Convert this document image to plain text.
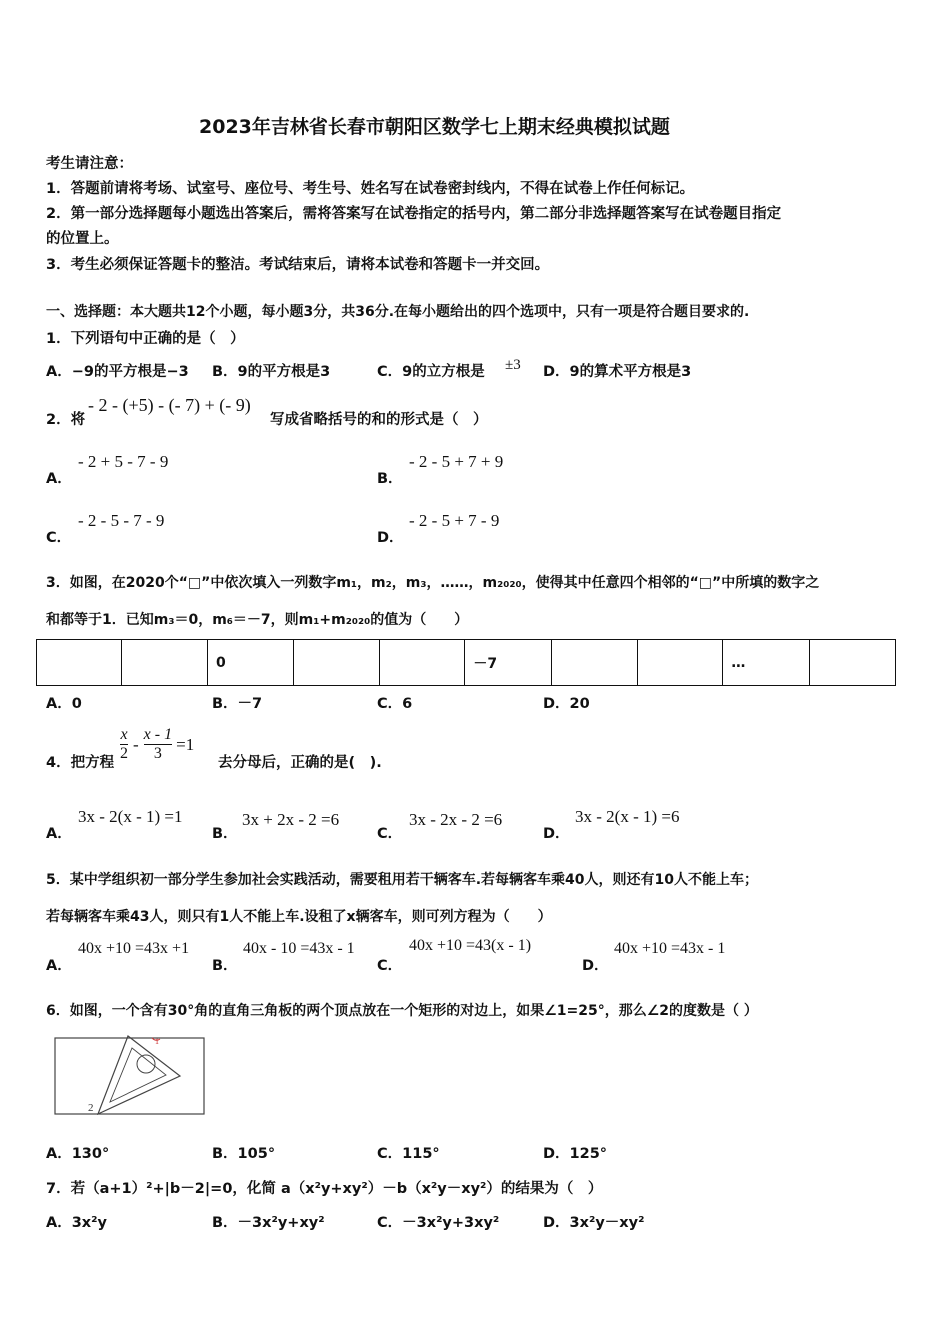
2023年吉林省长春市朝阳区数学七上期末经典模拟试题
考生请注意：
1．答题前请将考场、试室号、座位号、考生号、姓名写在试卷密封线内，不得在试卷上作任何标记。
2．第一部分选择题每小题选出答案后，需将答案写在试卷指定的括号内，第二部分非选择题答案写在试卷题目指定
的位置上。
3．考生必须保证答题卡的整洁。考试结束后，请将本试卷和答题卡一并交回。
一、选择题：本大题共12个小题，每小题3分，共36分.在每小题给出的四个选项中，只有一项是符合题目要求的.
1．下列语句中正确的是（　）
A．−9的平方根是−3 B．9的平方根是3	C．9的立方根是 ±3 D．9的算术平方根是3
2．将
- 2 - (+5) - (- 7) + (- 9)
写成省略括号的和的形式是（　）
A．
- 2 + 5 - 7 - 9
B．
- 2 - 5 + 7 + 9
C．
- 2 - 5 - 7 - 9
D．
- 2 - 5 + 7 - 9
3．如图，在2020个“□”中依次填入一列数字m₁，m₂，m₃，……，m₂₀₂₀，使得其中任意四个相邻的“□”中所填的数字之
和都等于1．已知m₃＝0，m₆＝－7，则m₁+m₂₀₂₀的值为（　　）
		0			－7			…	
A．0	B．－7	C．6	D．20
4．把方程 $\frac{x}{2} - \frac{x - 1}{3} =1$
去分母后，正确的是(　).
A．
3x - 2(x - 1) =1
B．
3x + 2x - 2 =6
C．
3x - 2x - 2 =6
D．
3x - 2(x - 1) =6
5．某中学组织初一部分学生参加社会实践活动，需要租用若干辆客车.若每辆客车乘40人，则还有10人不能上车；
若每辆客车乘43人，则只有1人不能上车.设租了x辆客车，则可列方程为（　　）
A．
40x +10 =43x +1
B．
40x - 10 =43x - 1
C．
40x +10 =43(x - 1)
D．
40x +10 =43x - 1
6．如图，一个含有30°角的直角三角板的两个顶点放在一个矩形的对边上，如果∠1=25°，那么∠2的度数是（ ）
1
2
A．130°	B．105°	C．115°	D．125°
7．若（a+1）²+|b－2|=0，化简 a（x²y+xy²）－b（x²y－xy²）的结果为（　）
A．3x²y	B．－3x²y+xy²	C．－3x²y+3xy²	D．3x²y－xy²
